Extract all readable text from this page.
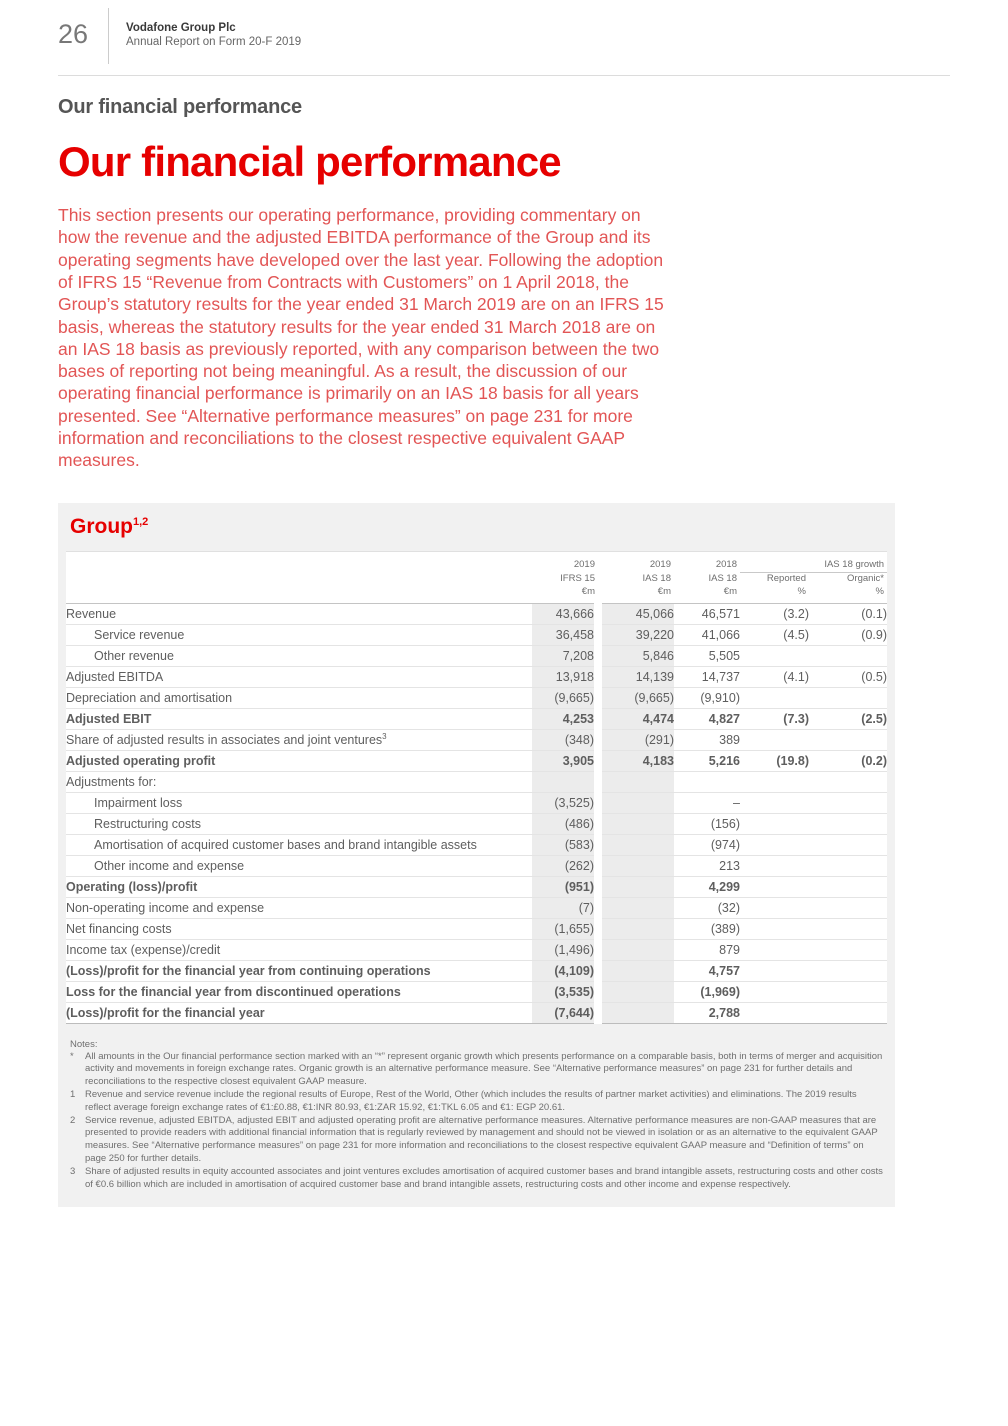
26	Vodafone Group Plc
Annual Report on Form 20-F 2019
Our financial performance
Our financial performance

This section presents our operating performance, providing commentary on how the revenue and the adjusted EBITDA performance of the Group and its operating segments have developed over the last year. Following the adoption of IFRS 15 “Revenue from Contracts with Customers” on 1 April 2018, the Group’s statutory results for the year ended 31 March 2019 are on an IFRS 15 basis, whereas the statutory results for the year ended 31 March 2018 are on an IAS 18 basis as previously reported, with any comparison between the two bases of reporting not being meaningful. As a result, the discussion of our operating financial performance is primarily on an IAS 18 basis for all years presented. See “Alternative performance measures” on page 231 for more information and reconciliations to the closest respective equivalent GAAP measures.

Group$^{1,2}$
	2019	2019	2018	IAS 18 growth	
	IFRS 15	IAS 18	IAS 18	Reported	Organic*
	€m	€m	€m	%	%
Revenue	43,666	45,066	46,571	(3.2)	(0.1)
Service revenue	36,458	39,220	41,066	(4.5)	(0.9)
Other revenue	7,208	5,846	5,505		
Adjusted EBITDA	13,918	14,139	14,737	(4.1)	(0.5)
Depreciation and amortisation	(9,665)	(9,665)	(9,910)		
Adjusted EBIT	4,253	4,474	4,827	(7.3)	(2.5)
Share of adjusted results in associates and joint ventures$^3$	(348)	(291)	389		
Adjusted operating profit	3,905	4,183	5,216	(19.8)	(0.2)
Adjustments for:					
Impairment loss	(3,525)		–		
Restructuring costs	(486)		(156)		
Amortisation of acquired customer bases and brand intangible assets	(583)		(974)		
Other income and expense	(262)		213		
Operating (loss)/profit	(951)		4,299		
Non-operating income and expense	(7)		(32)		
Net financing costs	(1,655)		(389)		
Income tax (expense)/credit	(1,496)		879		
(Loss)/profit for the financial year from continuing operations	(4,109)		4,757		
Loss for the financial year from discontinued operations	(3,535)		(1,969)		
(Loss)/profit for the financial year	(7,644)		2,788		
Notes:
*	All amounts in the Our financial performance section marked with an “*” represent organic growth which presents performance on a comparable basis, both in terms of merger and acquisition activity and movements in foreign exchange rates. Organic growth is an alternative performance measure. See “Alternative performance measures” on page 231 for further details and reconciliations to the respective closest equivalent GAAP measure.
1	Revenue and service revenue include the regional results of Europe, Rest of the World, Other (which includes the results of partner market activities) and eliminations. The 2019 results reflect average foreign exchange rates of €1:£0.88, €1:INR 80.93, €1:ZAR 15.92, €1:TKL 6.05 and €1: EGP 20.61.
2	Service revenue, adjusted EBITDA, adjusted EBIT and adjusted operating profit are alternative performance measures. Alternative performance measures are non-GAAP measures that are presented to provide readers with additional financial information that is regularly reviewed by management and should not be viewed in isolation or as an alternative to the equivalent GAAP measures. See “Alternative performance measures” on page 231 for more information and reconciliations to the closest respective equivalent GAAP measure and “Definition of terms” on page 250 for further details.
3	Share of adjusted results in equity accounted associates and joint ventures excludes amortisation of acquired customer bases and brand intangible assets, restructuring costs and other costs of €0.6 billion which are included in amortisation of acquired customer base and brand intangible assets, restructuring costs and other income and expense respectively.
